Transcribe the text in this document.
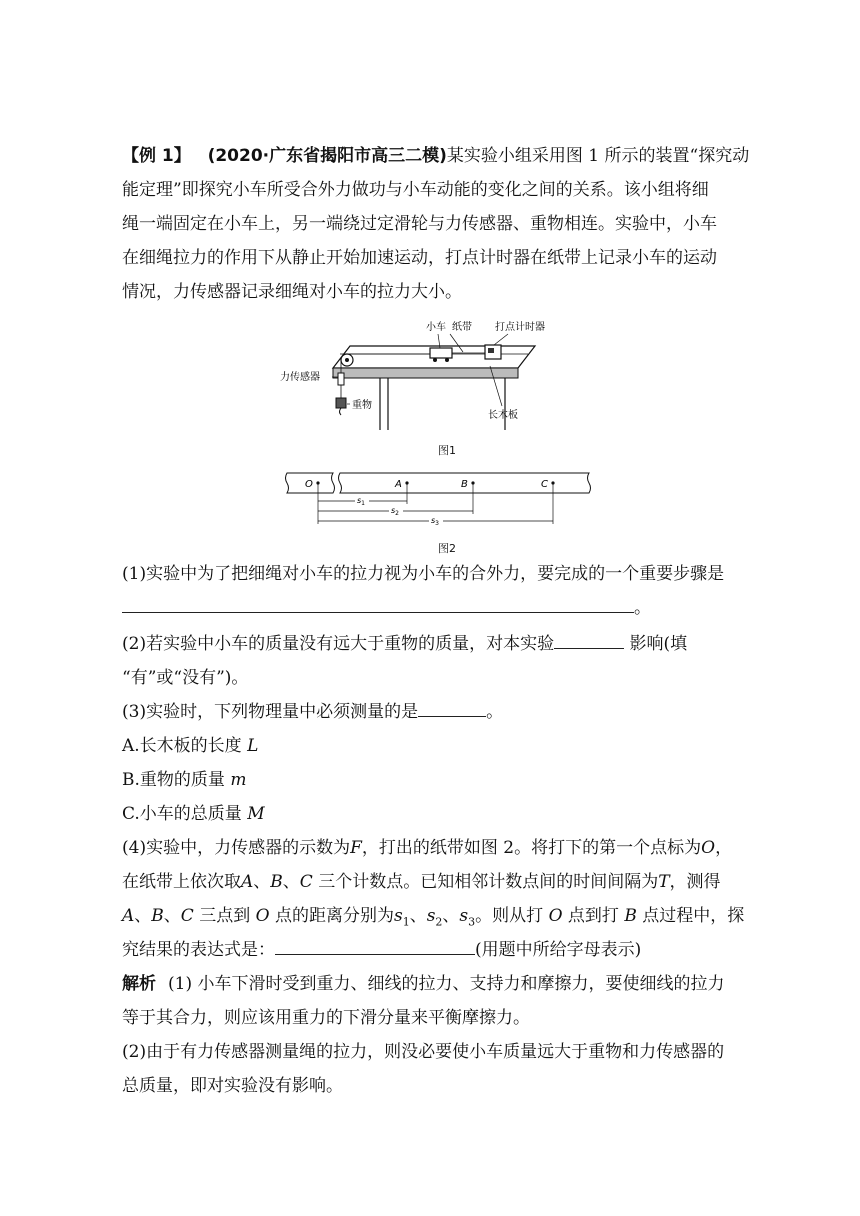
【例 1】 (2020·广东省揭阳市高三二模)某实验小组采用图 1 所示的装置“探究动
能定理”即探究小车所受合外力做功与小车动能的变化之间的关系。该小组将细
绳一端固定在小车上，另一端绕过定滑轮与力传感器、重物相连。实验中，小车
在细绳拉力的作用下从静止开始加速运动，打点计时器在纸带上记录小车的运动
情况，力传感器记录细绳对小车的拉力大小。
小车 纸带 打点计时器
力传感器
重物
长木板
图1
O	A	B	C
$s_1$
$s_2$
$s_3$
图2
(1)实验中为了把细绳对小车的拉力视为小车的合外力，要完成的一个重要步骤是
。
(2)若实验中小车的质量没有远大于重物的质量，对本实验	影响(填
“有”或“没有”)。
(3)实验时，下列物理量中必须测量的是	。
A.长木板的长度 L
B.重物的质量 m
C.小车的总质量 M
(4)实验中，力传感器的示数为F，打出的纸带如图 2。将打下的第一个点标为O，
在纸带上依次取A、B、C 三个计数点。已知相邻计数点间的时间间隔为T，测得
A、B、C 三点到 O 点的距离分别为$s_1$、$s_2$、$s_3$。则从打 O 点到打 B 点过程中，探
究结果的表达式是：	(用题中所给字母表示)
解析 (1) 小车下滑时受到重力、细线的拉力、支持力和摩擦力，要使细线的拉力
等于其合力，则应该用重力的下滑分量来平衡摩擦力。
(2)由于有力传感器测量绳的拉力，则没必要使小车质量远大于重物和力传感器的
总质量，即对实验没有影响。
